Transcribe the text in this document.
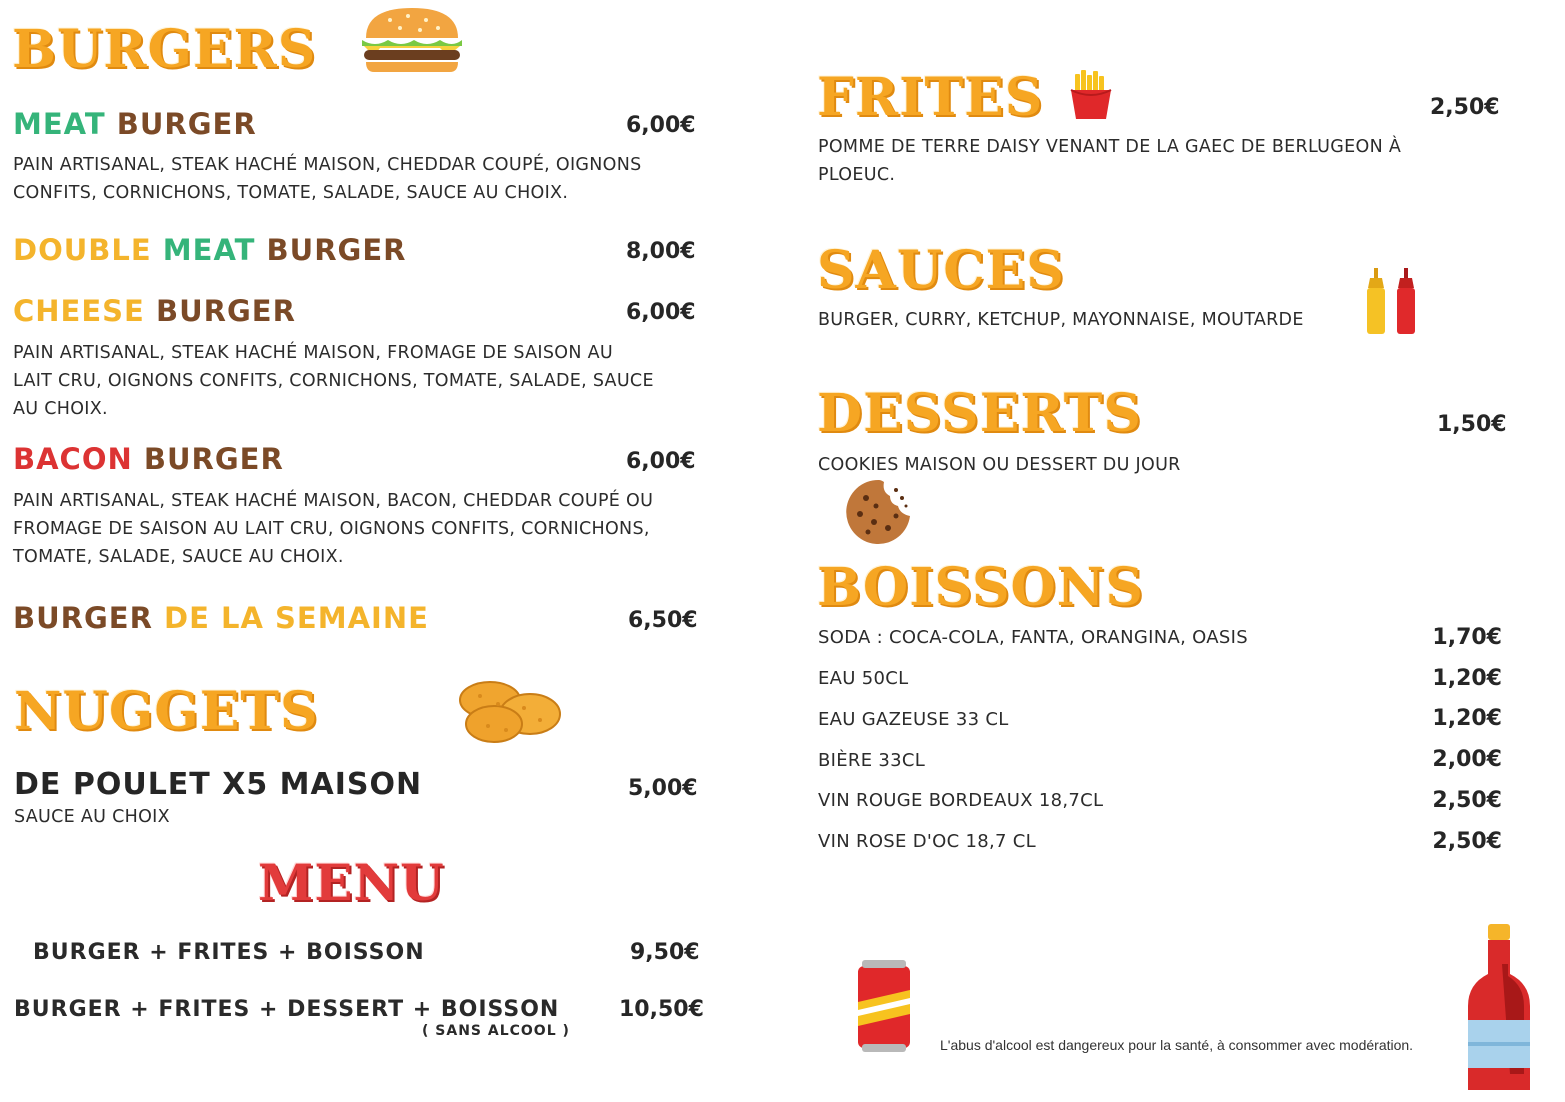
BURGERS
MEAT BURGER	6,00€
PAIN ARTISANAL, STEAK HACHÉ MAISON, CHEDDAR COUPÉ, OIGNONS
CONFITS, CORNICHONS, TOMATE, SALADE, SAUCE AU CHOIX.
DOUBLE MEAT BURGER	8,00€
CHEESE BURGER	6,00€
PAIN ARTISANAL, STEAK HACHÉ MAISON, FROMAGE DE SAISON AU
LAIT CRU, OIGNONS CONFITS, CORNICHONS, TOMATE, SALADE, SAUCE
AU CHOIX.
BACON BURGER	6,00€
PAIN ARTISANAL, STEAK HACHÉ MAISON, BACON, CHEDDAR COUPÉ OU
FROMAGE DE SAISON AU LAIT CRU, OIGNONS CONFITS, CORNICHONS,
TOMATE, SALADE, SAUCE AU CHOIX.
BURGER DE LA SEMAINE	6,50€
NUGGETS
DE POULET X5 MAISON	5,00€
SAUCE AU CHOIX
MENU
BURGER + FRITES + BOISSON	9,50€
BURGER + FRITES + DESSERT + BOISSON	10,50€
( SANS ALCOOL )
FRITES	2,50€
POMME DE TERRE DAISY VENANT DE LA GAEC DE BERLUGEON À
PLOEUC.
SAUCES
BURGER, CURRY, KETCHUP, MAYONNAISE, MOUTARDE
DESSERTS	1,50€
COOKIES MAISON OU DESSERT DU JOUR
BOISSONS
SODA : COCA-COLA, FANTA, ORANGINA, OASIS	1,70€
EAU 50CL	1,20€
EAU GAZEUSE 33 CL	1,20€
BIÈRE 33CL	2,00€
VIN ROUGE BORDEAUX 18,7CL	2,50€
VIN ROSE D'OC 18,7 CL	2,50€
L'abus d'alcool est dangereux pour la santé, à consommer avec modération.
